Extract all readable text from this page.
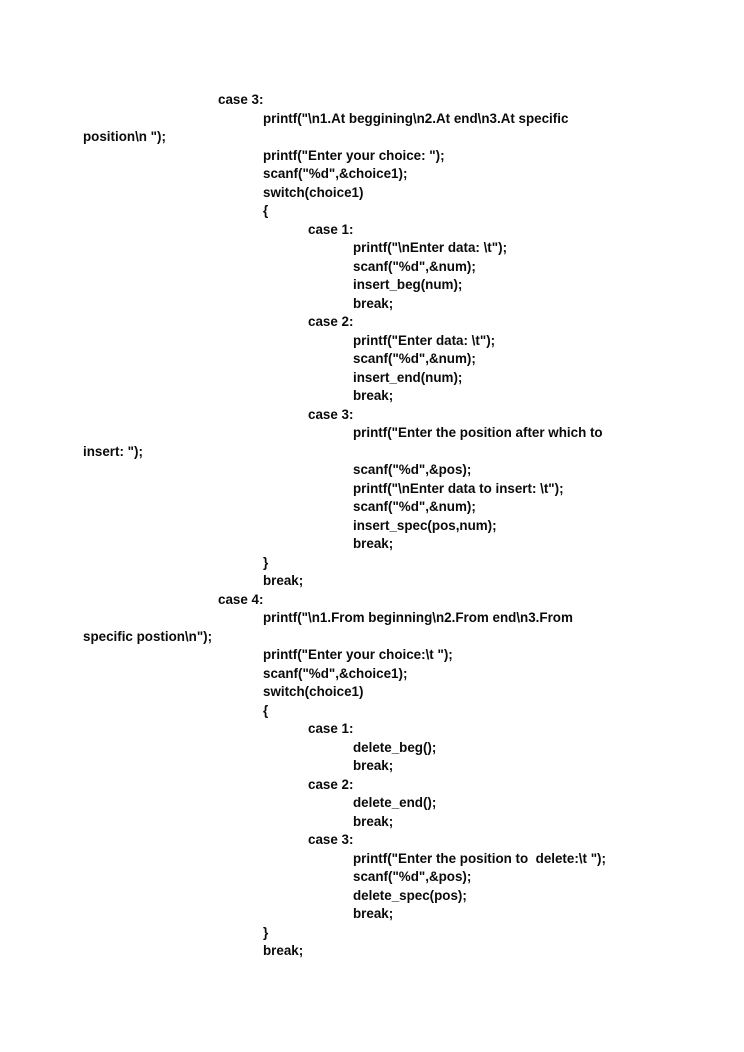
case 3:
printf("\n1.At beggining\n2.At end\n3.At specific
position\n ");
printf("Enter your choice: ");
scanf("%d",&choice1);
switch(choice1)
{
case 1:
printf("\nEnter data: \t");
scanf("%d",&num);
insert_beg(num);
break;
case 2:
printf("Enter data: \t");
scanf("%d",&num);
insert_end(num);
break;
case 3:
printf("Enter the position after which to
insert: ");
scanf("%d",&pos);
printf("\nEnter data to insert: \t");
scanf("%d",&num);
insert_spec(pos,num);
break;
}
break;
case 4:
printf("\n1.From beginning\n2.From end\n3.From
specific postion\n");
printf("Enter your choice:\t ");
scanf("%d",&choice1);
switch(choice1)
{
case 1:
delete_beg();
break;
case 2:
delete_end();
break;
case 3:
printf("Enter the position to  delete:\t ");
scanf("%d",&pos);
delete_spec(pos);
break;
}
break;
